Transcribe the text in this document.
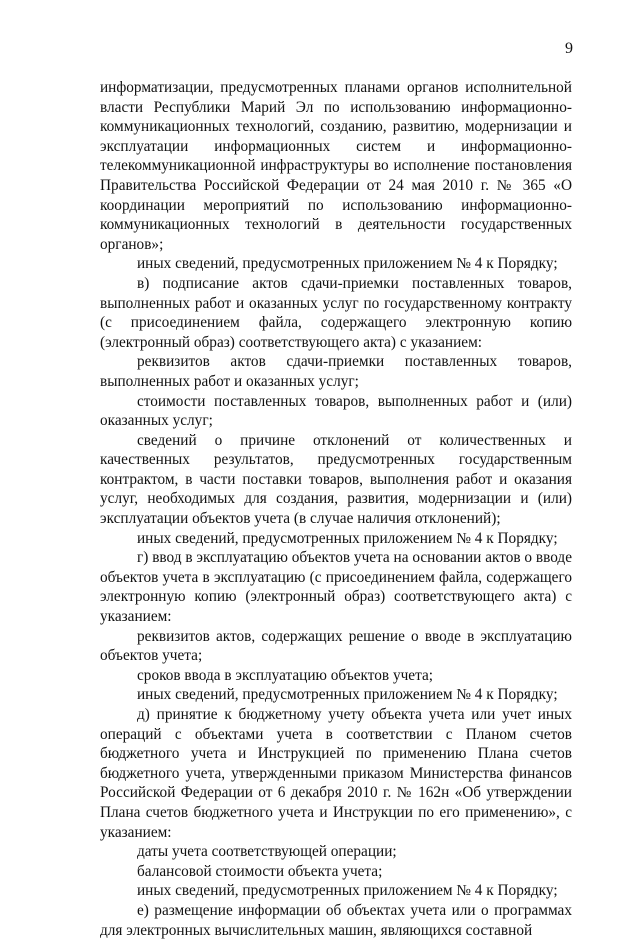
9

информатизации, предусмотренных планами органов исполнительной власти Республики Марий Эл по использованию информационно-коммуникационных технологий, созданию, развитию, модернизации и эксплуатации информационных систем и информационно-телекоммуникационной инфраструктуры во исполнение постановления Правительства Российской Федерации от 24 мая 2010 г. № 365 «О координации мероприятий по использованию информационно-коммуникационных технологий в деятельности государственных органов»;

иных сведений, предусмотренных приложением № 4 к Порядку;

в) подписание актов сдачи-приемки поставленных товаров, выполненных работ и оказанных услуг по государственному контракту (с присоединением файла, содержащего электронную копию (электронный образ) соответствующего акта) с указанием:

реквизитов актов сдачи-приемки поставленных товаров, выполненных работ и оказанных услуг;

стоимости поставленных товаров, выполненных работ и (или) оказанных услуг;

сведений о причине отклонений от количественных и качественных результатов, предусмотренных государственным контрактом, в части поставки товаров, выполнения работ и оказания услуг, необходимых для создания, развития, модернизации и (или) эксплуатации объектов учета (в случае наличия отклонений);

иных сведений, предусмотренных приложением № 4 к Порядку;

г) ввод в эксплуатацию объектов учета на основании актов о вводе объектов учета в эксплуатацию (с присоединением файла, содержащего электронную копию (электронный образ) соответствующего акта) с указанием:

реквизитов актов, содержащих решение о вводе в эксплуатацию объектов учета;

сроков ввода в эксплуатацию объектов учета;

иных сведений, предусмотренных приложением № 4 к Порядку;

д) принятие к бюджетному учету объекта учета или учет иных операций с объектами учета в соответствии с Планом счетов бюджетного учета и Инструкцией по применению Плана счетов бюджетного учета, утвержденными приказом Министерства финансов Российской Федерации от 6 декабря 2010 г. № 162н «Об утверждении Плана счетов бюджетного учета и Инструкции по его применению», с указанием:

даты учета соответствующей операции;

балансовой стоимости объекта учета;

иных сведений, предусмотренных приложением № 4 к Порядку;

е) размещение информации об объектах учета или о программах для электронных вычислительных машин, являющихся составной
